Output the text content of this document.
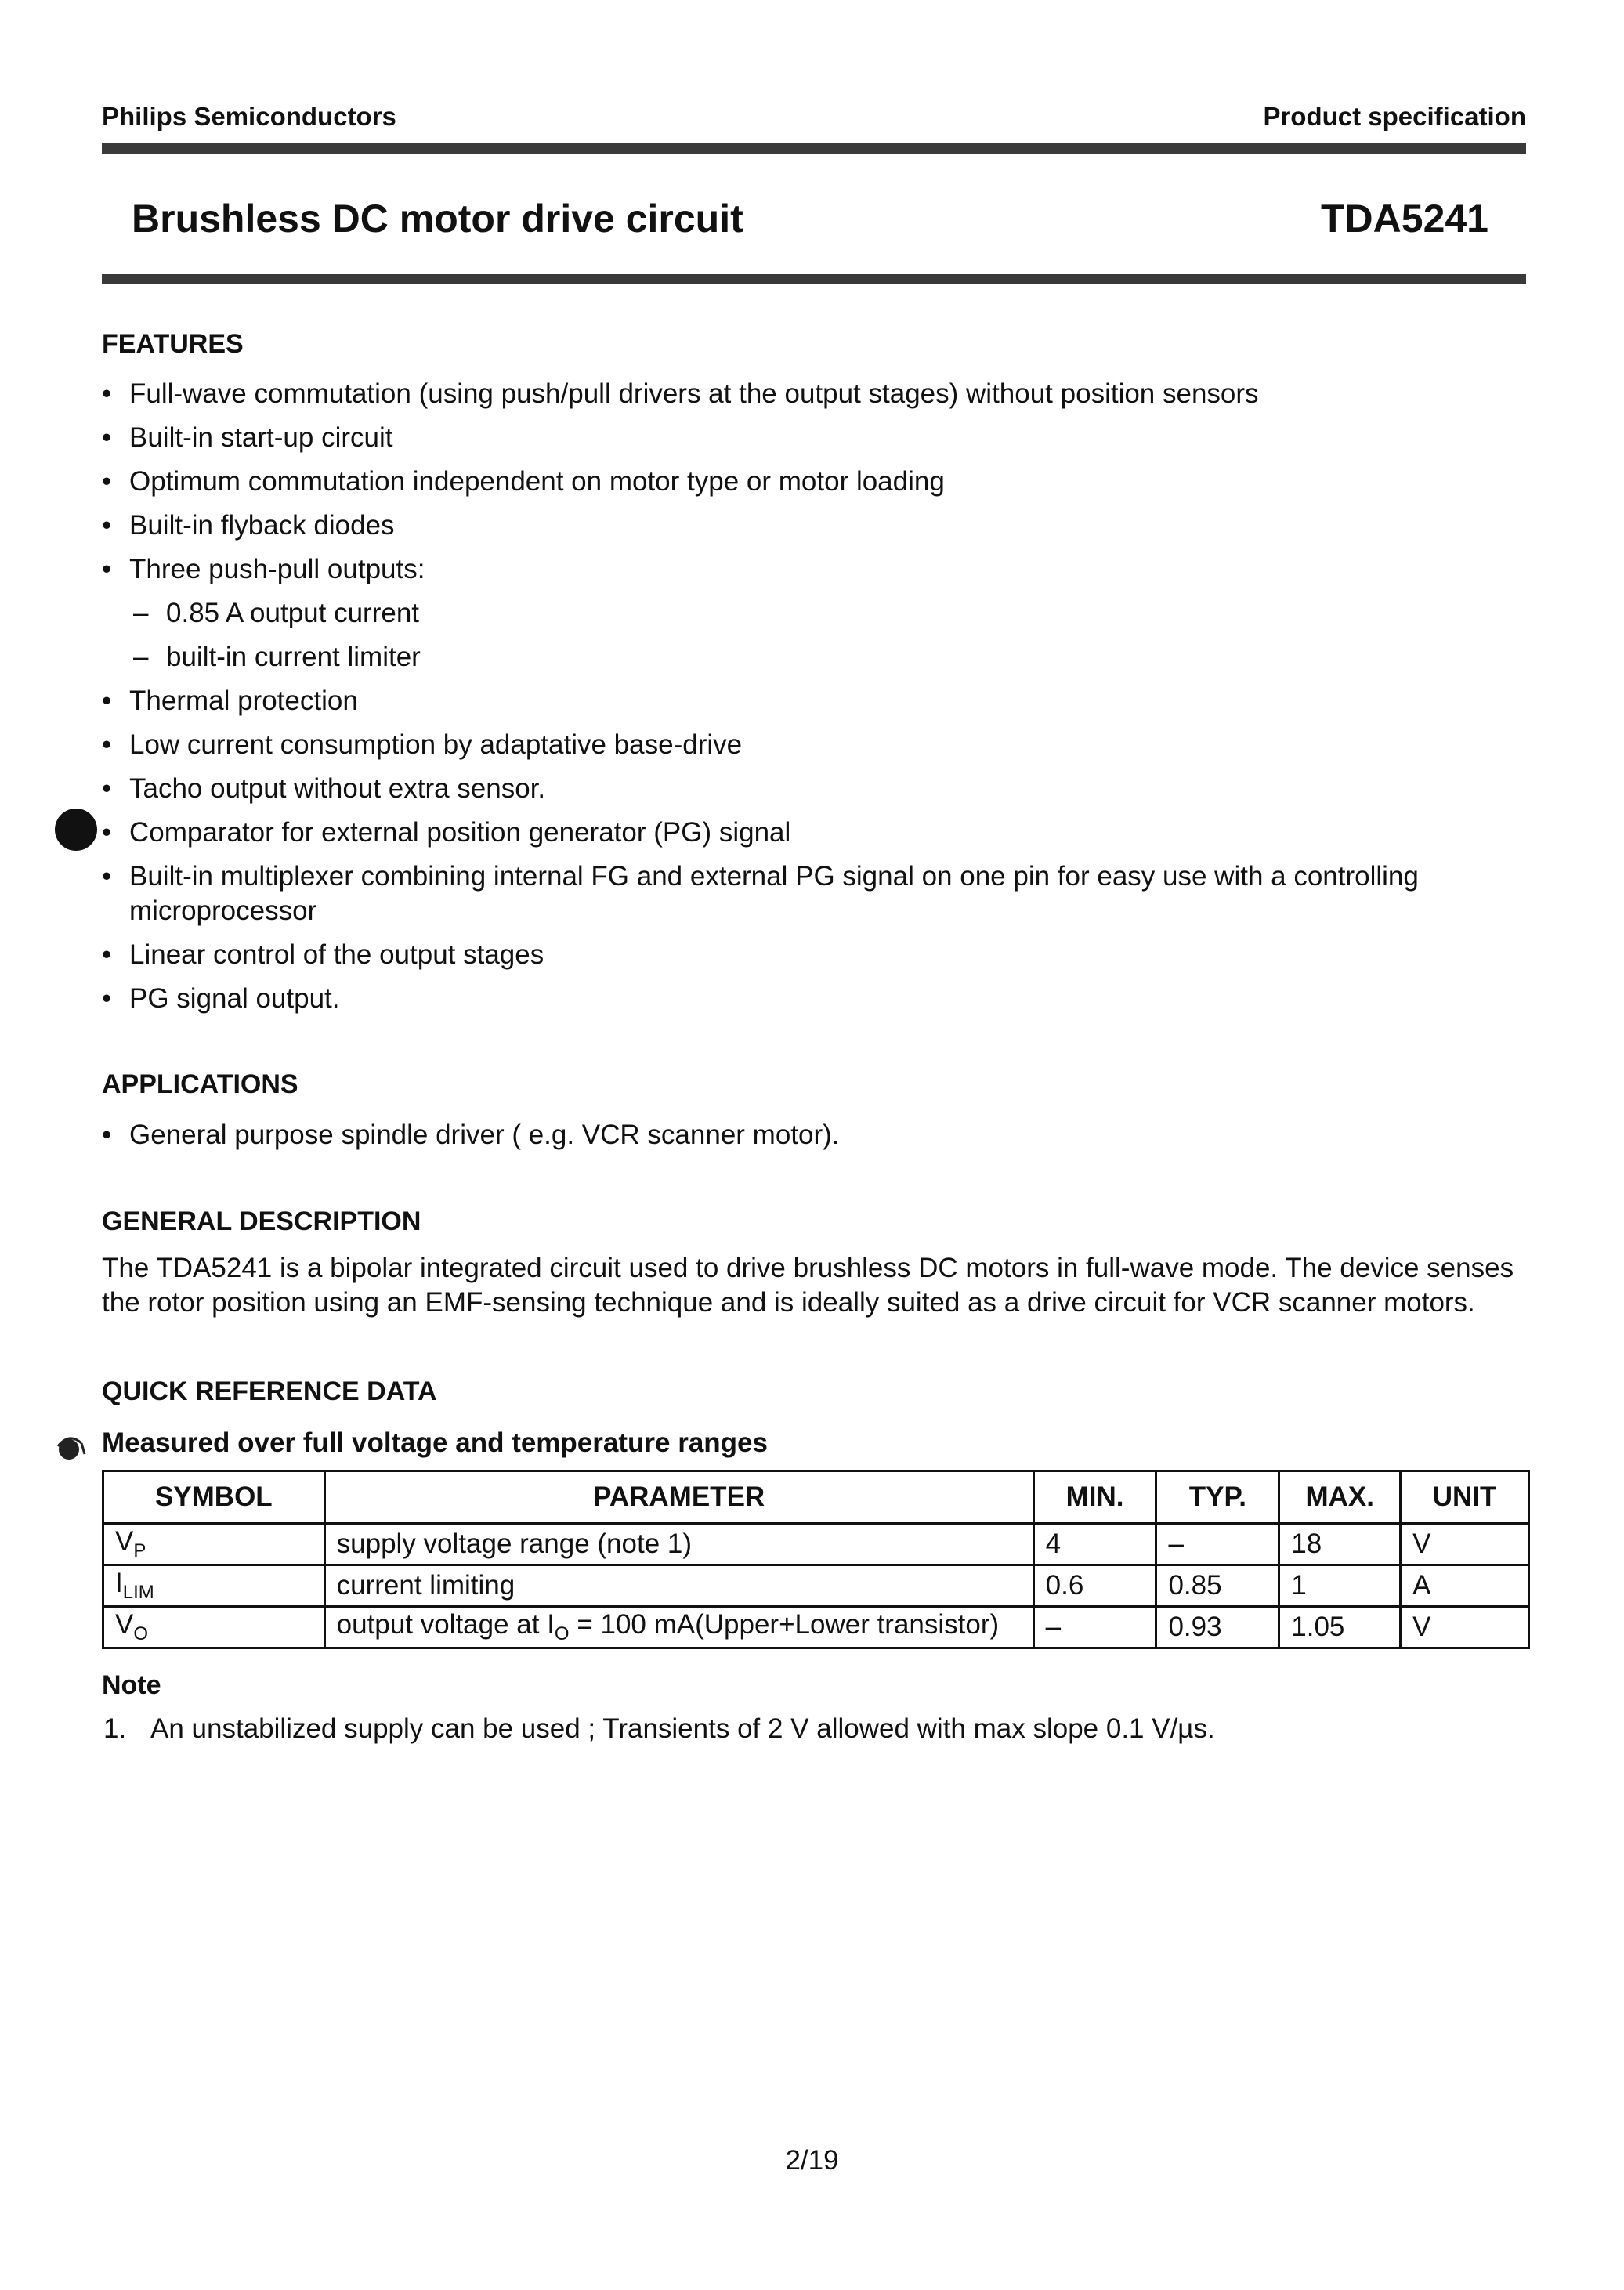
Philips Semiconductors	Product specification
Brushless DC motor drive circuit	TDA5241
FEATURES
• Full-wave commutation (using push/pull drivers at the output stages) without position sensors
• Built-in start-up circuit
• Optimum commutation independent on motor type or motor loading
• Built-in flyback diodes
• Three push-pull outputs:
– 0.85 A output current
– built-in current limiter
• Thermal protection
• Low current consumption by adaptative base-drive
• Tacho output without extra sensor.
• Comparator for external position generator (PG) signal
• Built-in multiplexer combining internal FG and external PG signal on one pin for easy use with a controlling microprocessor
• Linear control of the output stages
• PG signal output.
APPLICATIONS
• General purpose spindle driver ( e.g. VCR scanner motor).
GENERAL DESCRIPTION
The TDA5241 is a bipolar integrated circuit used to drive brushless DC motors in full-wave mode. The device senses the rotor position using an EMF-sensing technique and is ideally suited as a drive circuit for VCR scanner motors.
QUICK REFERENCE DATA
Measured over full voltage and temperature ranges
SYMBOL	PARAMETER	MIN.	TYP.	MAX.	UNIT
$V_P$	supply voltage range (note 1)	4	–	18	V
$I_{LIM}$	current limiting	0.6	0.85	1	A
$V_O$	output voltage at $I_O = 100$ mA(Upper+Lower transistor)	–	0.93	1.05	V
Note
1. An unstabilized supply can be used ; Transients of 2 V allowed with max slope 0.1 V/µs.
2/19
